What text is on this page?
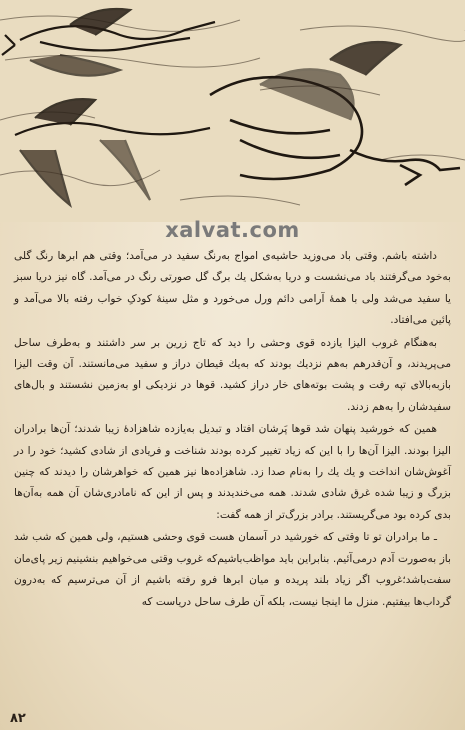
xalvat.com

داشته باشم. وقتی باد می‌وزید حاشیه‌ی امواج به‌رنگ سفید در می‌آمد؛ وقتی هم ابرها رنگ گلی به‌خود می‌گرفتند باد می‌نشست و دریا به‌شکل یك برگ گل صورتی رنگ در می‌آمد. گاه نیز دریا سبز یا سفید می‌شد ولی با همهٔ آرامی دائم ورل می‌خورد و مثل سینهٔ کودکِ خواب رفته بالا می‌آمد و پائین می‌افتاد.

به‌هنگام غروب الیزا یازده قوی وحشی را دید که تاج زرین بر سر داشتند و به‌طرف ساحل می‌پریدند، و آن‌قدرهم به‌هم نزدیك بودند که به‌یك قیطان دراز و سفید می‌مانستند. آن وقت الیزا بازبه‌بالای تپه رفت و پشت بوته‌های خار دراز کشید. قوها در نزدیکی او به‌زمین نشستند و بال‌های سفیدشان را به‌هم زدند.

همین که خورشید پنهان شد قوها پَرشان افتاد و تبدیل به‌یازده شاهزادهٔ زیبا شدند؛ آن‌ها برادران الیزا بودند. الیزا آن‌ها را با این که زیاد تغییر کرده بودند شناخت و فریادی از شادی کشید؛ خود را در آغوش‌شان انداخت و یك یك را به‌نام صدا زد. شاهزاده‌ها نیز همین که خواهرشان را دیدند که چنین بزرگ و زیبا شده غرق شادی شدند. همه می‌خندیدند و پس از این که نامادری‌شان آن همه به‌آن‌ها بدی کرده بود می‌گریستند. برادر بزرگ‌تر از همه گفت:

ـ ما برادران تو تا وقتی که خورشید در آسمان هست قوی وحشی هستیم، ولی همین که شب شد باز به‌صورت آدم درمی‌آئیم. بنابراین باید مواظب‌باشیم‌که غروب وقتی می‌خواهیم بنشینیم زیر پای‌مان سفت‌باشد؛غروب اگر زیاد بلند پریده و میان ابرها فرو رفته باشیم از آن می‌ترسیم که به‌درون گرداب‌ها بیفتیم. منزل ما اینجا نیست، بلکه آن طرف ساحل دریاست که

۸۲
